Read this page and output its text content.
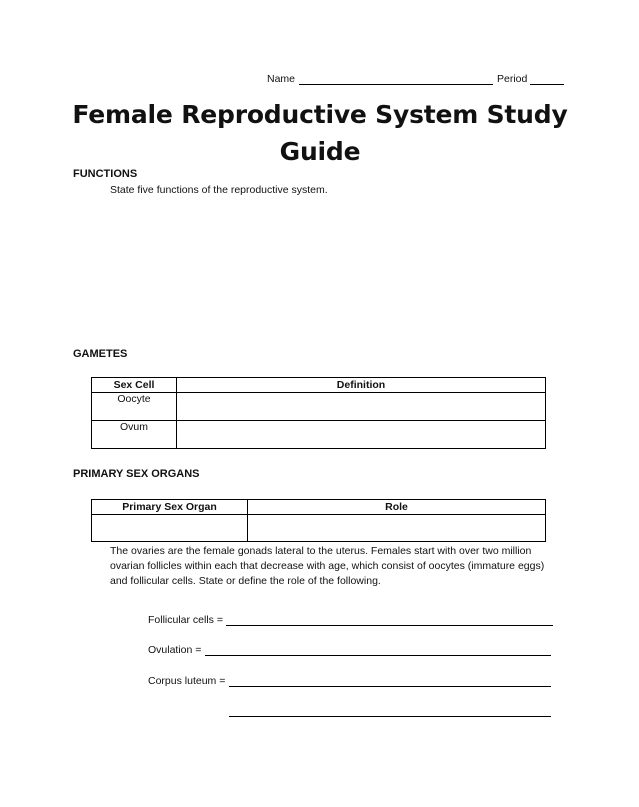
Name	Period
Female Reproductive System Study Guide
FUNCTIONS
State five functions of the reproductive system.
GAMETES
Sex Cell	Definition
Oocyte	
Ovum	
PRIMARY SEX ORGANS
Primary Sex Organ	Role

The ovaries are the female gonads lateral to the uterus. Females start with over two million ovarian follicles within each that decrease with age, which consist of oocytes (immature eggs) and follicular cells. State or define the role of the following.
Follicular cells =
Ovulation =
Corpus luteum =
